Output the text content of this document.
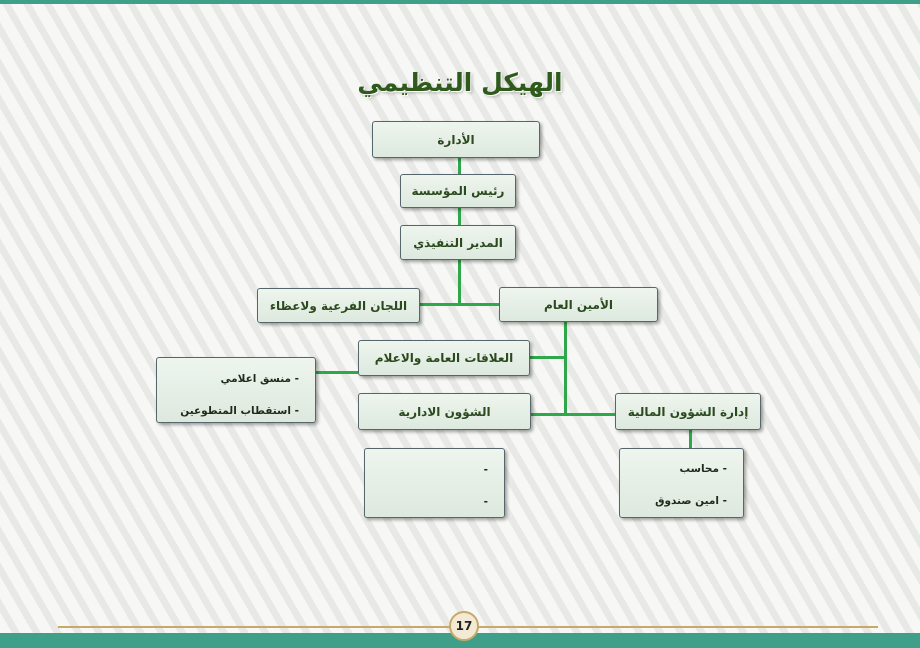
الهيكل التنظيمي
الأدارة
رئيس المؤسسة
المدير التنفيذي
اللجان الفرعية ولاعظاء	الأمين العام
العلاقات العامة والاعلام
الشؤون الادارية	إدارة الشؤون المالية
- منسق اعلامي
- استقطاب المتطوعين
-
-
- محاسب
- امين صندوق
17
